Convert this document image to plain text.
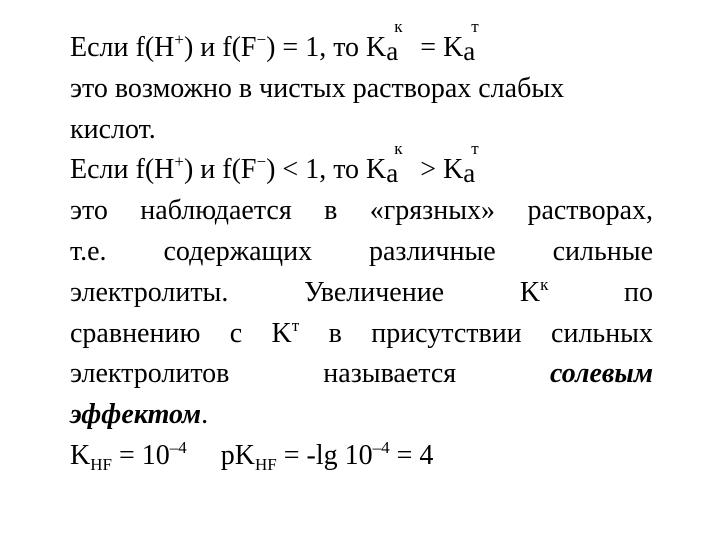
Если f(H+) и f(F−) = 1, то K a
к
= K a
т
это возможно в чистых растворах слабых
кислот.
Если f(H+) и f(F−) < 1, то K a
к
> K a
т
это наблюдается в «грязных» растворах,
т.е. содержащих различные сильные
электролиты.	Увеличение	$K^к$	по
сравнению с $K^т$ в присутствии сильных
электролитов	называется	солевым
эффектом.
$K_{HF} = 10^{-4}$ $pK_{HF} = -\lg$ $10^{-4} = 4$
